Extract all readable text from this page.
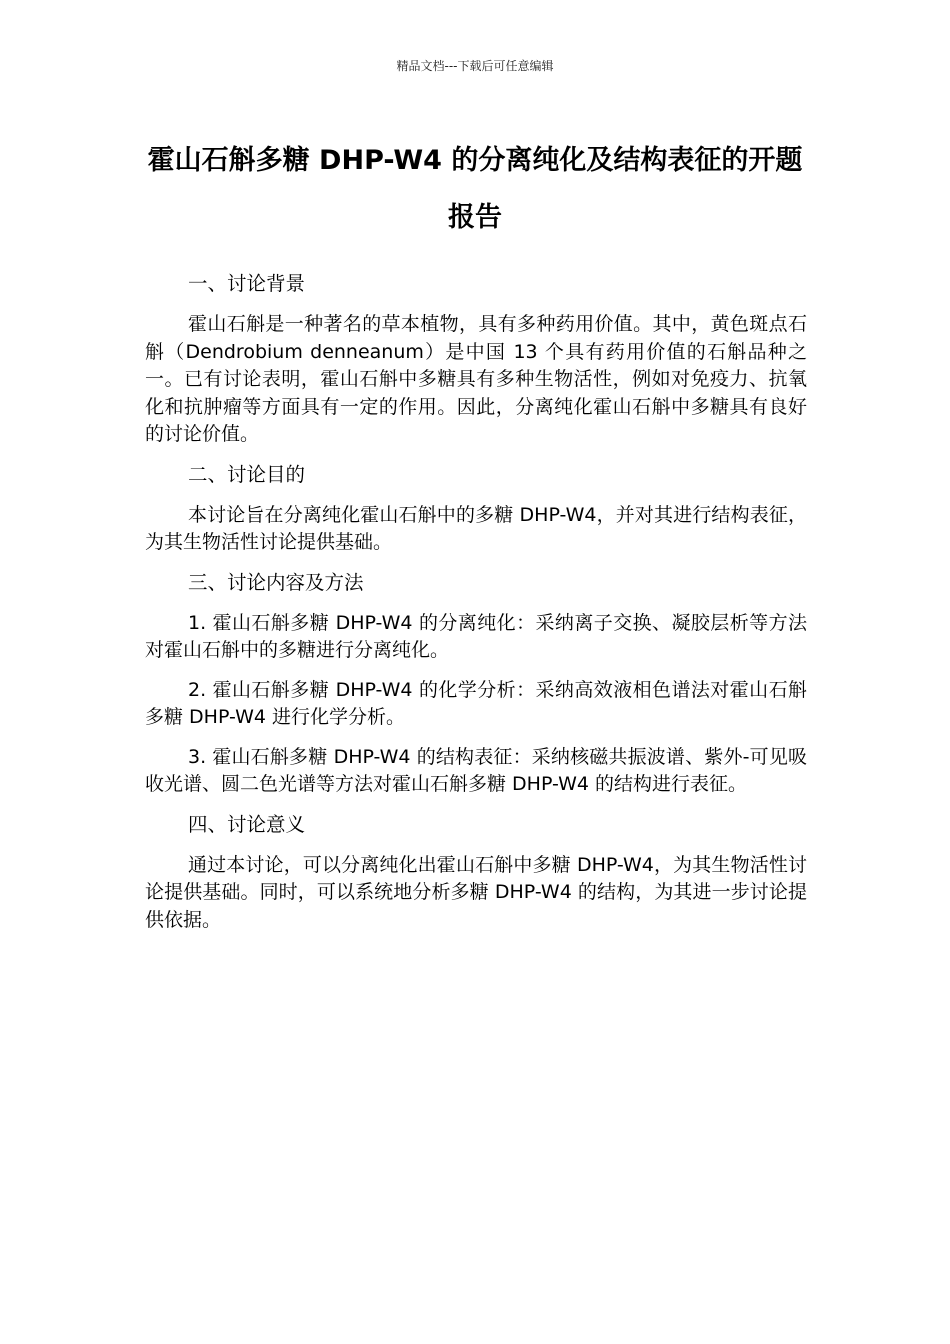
精品文档---下载后可任意编辑
霍山石斛多糖 DHP-W4 的分离纯化及结构表征的开题报告

一、讨论背景

霍山石斛是一种著名的草本植物，具有多种药用价值。其中，黄色斑点石斛（Dendrobium denneanum）是中国 13 个具有药用价值的石斛品种之一。已有讨论表明，霍山石斛中多糖具有多种生物活性，例如对免疫力、抗氧化和抗肿瘤等方面具有一定的作用。因此，分离纯化霍山石斛中多糖具有良好的讨论价值。

二、讨论目的

本讨论旨在分离纯化霍山石斛中的多糖 DHP-W4，并对其进行结构表征，为其生物活性讨论提供基础。

三、讨论内容及方法

1. 霍山石斛多糖 DHP-W4 的分离纯化：采纳离子交换、凝胶层析等方法对霍山石斛中的多糖进行分离纯化。

2. 霍山石斛多糖 DHP-W4 的化学分析：采纳高效液相色谱法对霍山石斛多糖 DHP-W4 进行化学分析。

3. 霍山石斛多糖 DHP-W4 的结构表征：采纳核磁共振波谱、紫外-可见吸收光谱、圆二色光谱等方法对霍山石斛多糖 DHP-W4 的结构进行表征。

四、讨论意义

通过本讨论，可以分离纯化出霍山石斛中多糖 DHP-W4，为其生物活性讨论提供基础。同时，可以系统地分析多糖 DHP-W4 的结构，为其进一步讨论提供依据。
